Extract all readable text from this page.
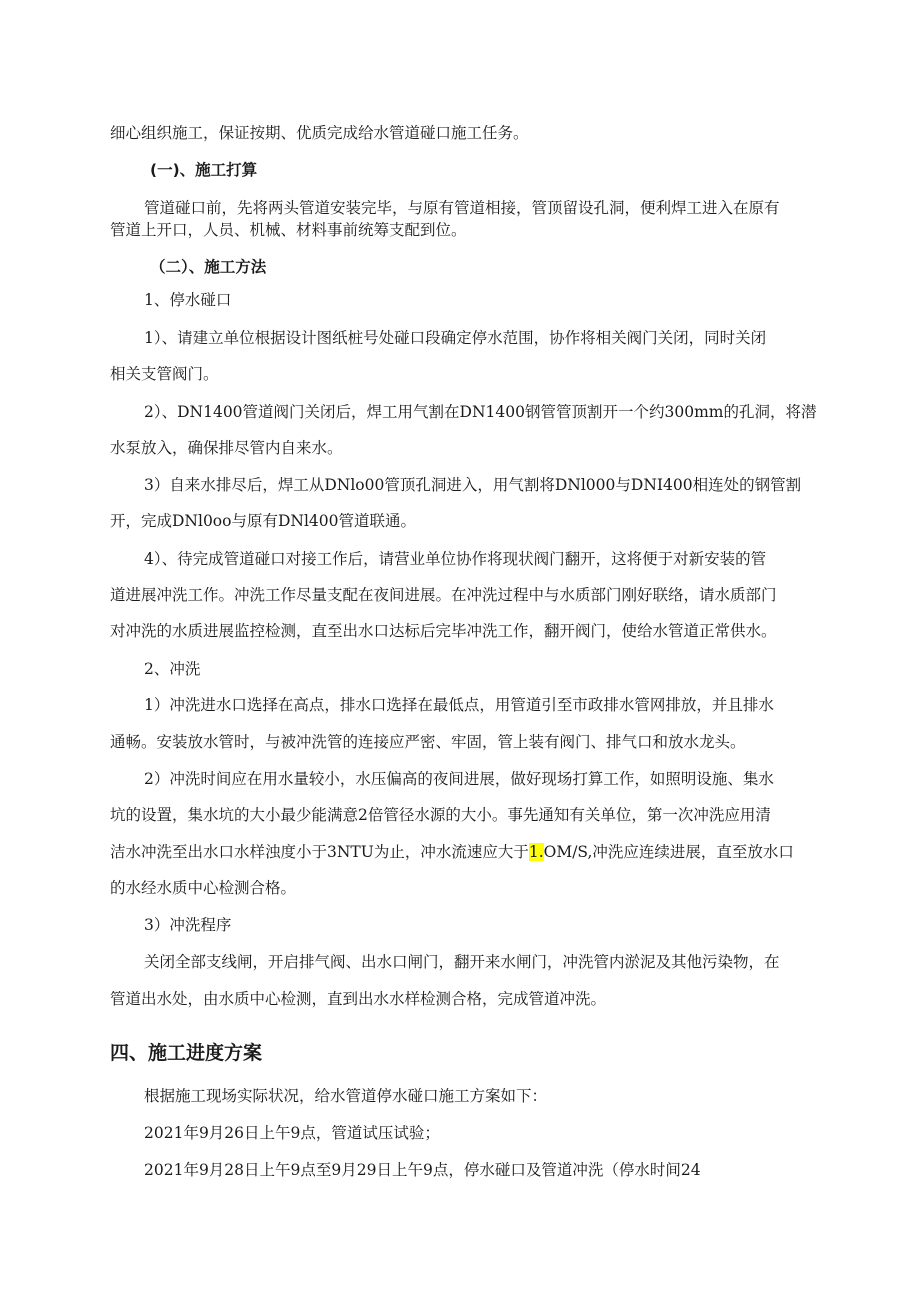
细心组织施工，保证按期、优质完成给水管道碰口施工任务。
(一)、施工打算
管道碰口前，先将两头管道安装完毕，与原有管道相接，管顶留设孔洞，便利焊工进入在原有
管道上开口，人员、机械、材料事前统筹支配到位。
（二）、施工方法
1、停水碰口
1）、请建立单位根据设计图纸桩号处碰口段确定停水范围，协作将相关阀门关闭，同时关闭
相关支管阀门。
2）、DN1400管道阀门关闭后，焊工用气割在DN1400钢管管顶割开一个约300mm的孔洞，将潜
水泵放入，确保排尽管内自来水。
3）自来水排尽后，焊工从DNlo00管顶孔洞进入，用气割将DNl000与DNI400相连处的钢管割
开，完成DNl0oo与原有DNl400管道联通。
4）、待完成管道碰口对接工作后，请营业单位协作将现状阀门翻开，这将便于对新安装的管
道进展冲洗工作。冲洗工作尽量支配在夜间进展。在冲洗过程中与水质部门刚好联络，请水质部门
对冲洗的水质进展监控检测，直至出水口达标后完毕冲洗工作，翻开阀门，使给水管道正常供水。
2、冲洗
1）冲洗进水口选择在高点，排水口选择在最低点，用管道引至市政排水管网排放，并且排水
通畅。安装放水管时，与被冲洗管的连接应严密、牢固，管上装有阀门、排气口和放水龙头。
2）冲洗时间应在用水量较小，水压偏高的夜间进展，做好现场打算工作，如照明设施、集水
坑的设置，集水坑的大小最少能满意2倍管径水源的大小。事先通知有关单位，第一次冲洗应用清
洁水冲洗至出水口水样浊度小于3NTU为止，冲水流速应大于1.OM/S,冲洗应连续进展，直至放水口
的水经水质中心检测合格。
3）冲洗程序
关闭全部支线闸，开启排气阀、出水口闸门，翻开来水闸门，冲洗管内淤泥及其他污染物，在
管道出水处，由水质中心检测，直到出水水样检测合格，完成管道冲洗。
四、施工进度方案
根据施工现场实际状况，给水管道停水碰口施工方案如下：
2021年9月26日上午9点，管道试压试验；
2021年9月28日上午9点至9月29日上午9点，停水碰口及管道冲洗（停水时间24
